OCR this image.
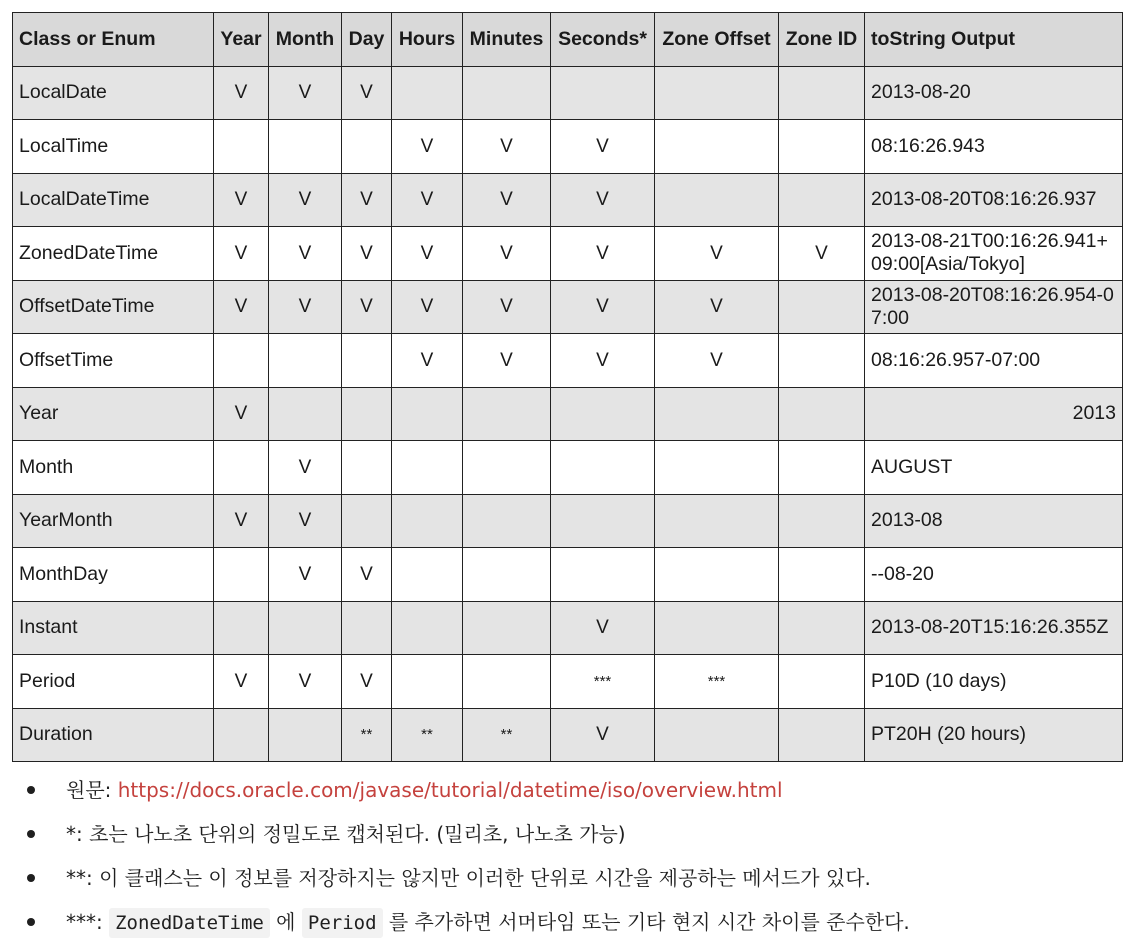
Class or Enum	Year	Month	Day	Hours	Minutes	Seconds*	Zone Offset	Zone ID	toString Output
LocalDate	V	V	V						2013-08-20
LocalTime				V	V	V			08:16:26.943
LocalDateTime	V	V	V	V	V	V			2013-08-20T08:16:26.937
ZonedDateTime	V	V	V	V	V	V	V	V	2013-08-21T00:16:26.941+09:00[Asia/Tokyo]
OffsetDateTime	V	V	V	V	V	V	V		2013-08-20T08:16:26.954-07:00
OffsetTime				V	V	V	V		08:16:26.957-07:00
Year	V								2013
Month		V							AUGUST
YearMonth	V	V							2013-08
MonthDay		V	V						--08-20
Instant						V			2013-08-20T15:16:26.355Z
Period	V	V	V			***	***		P10D (10 days)
Duration			**	**	**	V			PT20H (20 hours)
원문: https://docs.oracle.com/javase/tutorial/datetime/iso/overview.html
*: 초는 나노초 단위의 정밀도로 캡처된다. (밀리초, 나노초 가능)
**: 이 클래스는 이 정보를 저장하지는 않지만 이러한 단위로 시간을 제공하는 메서드가 있다.
***: ZonedDateTime 에 Period 를 추가하면 서머타임 또는 기타 현지 시간 차이를 준수한다.
